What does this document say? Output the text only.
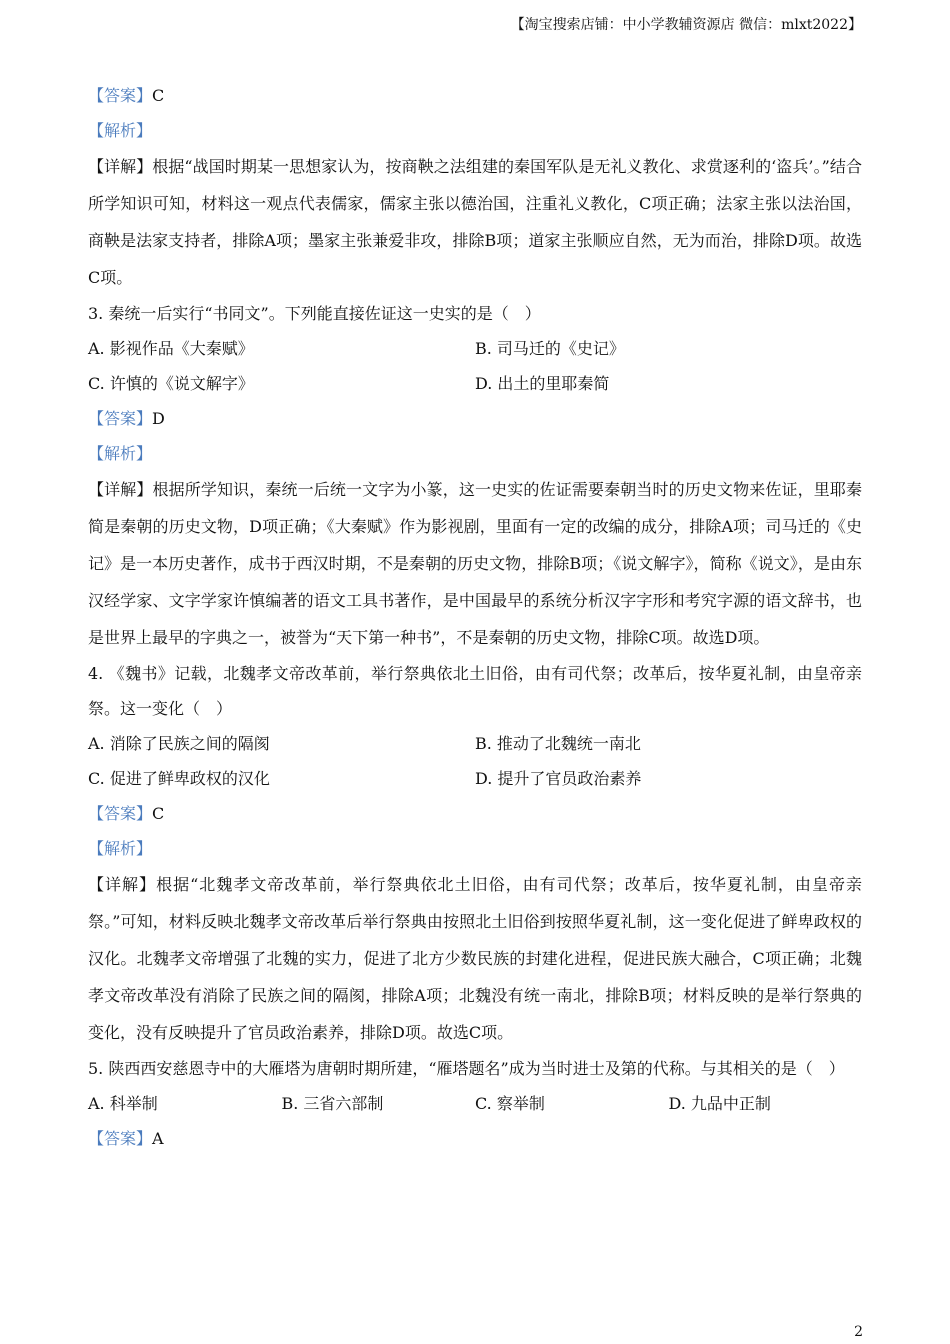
【淘宝搜索店铺：中小学教辅资源店 微信：mlxt2022】
【答案】C
【解析】
【详解】根据“战国时期某一思想家认为，按商鞅之法组建的秦国军队是无礼义教化、求赏逐利的‘盗兵’。”结合所学知识可知，材料这一观点代表儒家，儒家主张以德治国，注重礼义教化，C项正确；法家主张以法治国，商鞅是法家支持者，排除A项；墨家主张兼爱非攻，排除B项；道家主张顺应自然，无为而治，排除D项。故选C项。
3. 秦统一后实行“书同文”。下列能直接佐证这一史实的是（　）
A. 影视作品《大秦赋》	B. 司马迁的《史记》
C. 许慎的《说文解字》	D. 出土的里耶秦简
【答案】D
【解析】
【详解】根据所学知识，秦统一后统一文字为小篆，这一史实的佐证需要秦朝当时的历史文物来佐证，里耶秦简是秦朝的历史文物，D项正确；《大秦赋》作为影视剧，里面有一定的改编的成分，排除A项；司马迁的《史记》是一本历史著作，成书于西汉时期，不是秦朝的历史文物，排除B项；《说文解字》，简称《说文》，是由东汉经学家、文字学家许慎编著的语文工具书著作，是中国最早的系统分析汉字字形和考究字源的语文辞书，也是世界上最早的字典之一，被誉为“天下第一种书”，不是秦朝的历史文物，排除C项。故选D项。
4. 《魏书》记载，北魏孝文帝改革前，举行祭典依北土旧俗，由有司代祭；改革后，按华夏礼制，由皇帝亲祭。这一变化（　）
A. 消除了民族之间的隔阂	B. 推动了北魏统一南北
C. 促进了鲜卑政权的汉化	D. 提升了官员政治素养
【答案】C
【解析】
【详解】根据“北魏孝文帝改革前，举行祭典依北土旧俗，由有司代祭；改革后，按华夏礼制，由皇帝亲祭。”可知，材料反映北魏孝文帝改革后举行祭典由按照北土旧俗到按照华夏礼制，这一变化促进了鲜卑政权的汉化。北魏孝文帝增强了北魏的实力，促进了北方少数民族的封建化进程，促进民族大融合，C项正确；北魏孝文帝改革没有消除了民族之间的隔阂，排除A项；北魏没有统一南北，排除B项；材料反映的是举行祭典的变化，没有反映提升了官员政治素养，排除D项。故选C项。
5. 陕西西安慈恩寺中的大雁塔为唐朝时期所建，“雁塔题名”成为当时进士及第的代称。与其相关的是（　）
A. 科举制	B. 三省六部制	C. 察举制	D. 九品中正制
【答案】A
2
